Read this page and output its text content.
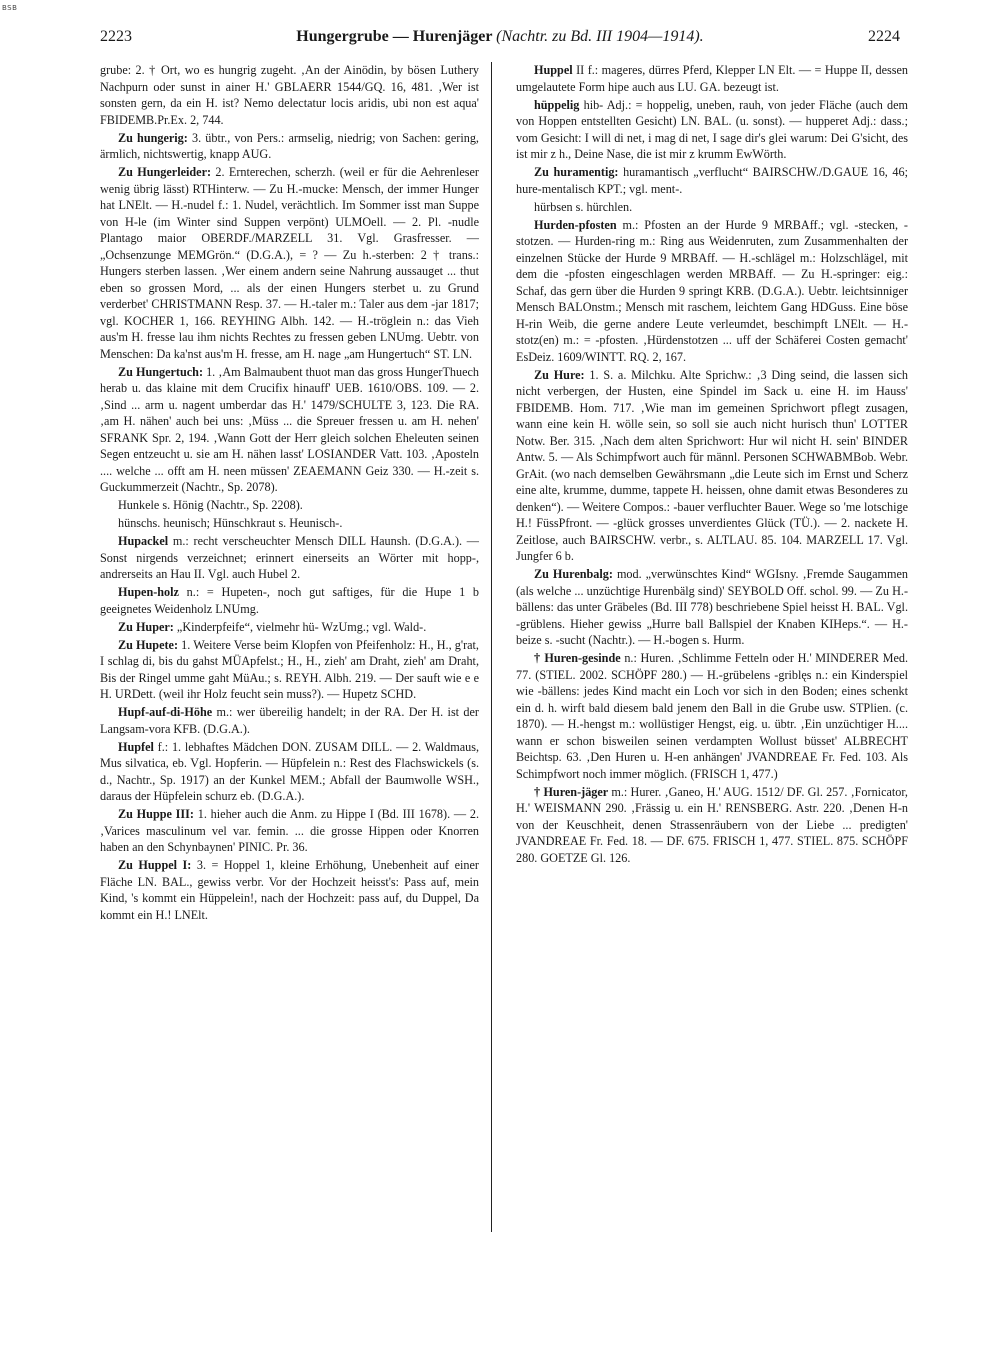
BSB
2223	Hungergrube — Hurenjäger (Nachtr. zu Bd. III 1904—1914).	2224

grube: 2. † Ort, wo es hungrig zugeht. ‚An der Ainödin, by bösen Luthery Nachpurn oder sunst in ainer H.' GBLAERR 1544/GQ. 16, 481. ‚Wer ist sonsten gern, da ein H. ist? Nemo delectatur locis aridis, ubi non est aqua' FBIDEMB.Pr.Ex. 2, 744.

Zu hungerig: 3. übtr., von Pers.: armselig, niedrig; von Sachen: gering, ärmlich, nichtswertig, knapp AUG.

Zu Hungerleider: 2. Ernterechen, scherzh. (weil er für die Aehrenleser wenig übrig lässt) RTHinterw. — Zu H.-mucke: Mensch, der immer Hunger hat LNElt. — H.-nudel f.: 1. Nudel, verächtlich. Im Sommer isst man Suppe von H-le (im Winter sind Suppen verpönt) ULMOell. — 2. Pl. -nudle Plantago maior OBERDF./MARZELL 31. Vgl. Grasfresser. — „Ochsenzunge MEMGrön.“ (D.G.A.), = ? — Zu h.-sterben: 2 † trans.: Hungers sterben lassen. ‚Wer einem andern seine Nahrung aussauget ... thut eben so grossen Mord, ... als der einen Hungers sterbet u. zu Grund verderbet' CHRISTMANN Resp. 37. — H.-taler m.: Taler aus dem -jar 1817; vgl. KOCHER 1, 166. REYHING Albh. 142. — H.-tröglein n.: das Vieh aus'm H. fresse lau ihm nichts Rechtes zu fressen geben LNUmg. Uebtr. von Menschen: Da ka'nst aus'm H. fresse, am H. nage „am Hungertuch“ ST. LN.

Zu Hungertuch: 1. ‚Am Balmaubent thuot man das gross HungerThuech herab u. das klaine mit dem Crucifix hinauff' UEB. 1610/OBS. 109. — 2. ‚Sind ... arm u. nagent umberdar das H.' 1479/SCHULTE 3, 123. Die RA. ‚am H. nähen' auch bei uns: ‚Müss ... die Spreuer fressen u. am H. nehen' SFRANK Spr. 2, 194. ‚Wann Gott der Herr gleich solchen Eheleuten seinen Segen entzeucht u. sie am H. nähen lasst' LOSIANDER Vatt. 103. ‚Aposteln .... welche ... offt am H. neen müssen' ZEAEMANN Geiz 330. — H.-zeit s. Guckummerzeit (Nachtr., Sp. 2078).

Hunkele s. Hönig (Nachtr., Sp. 2208).

hünschs. heunisch; Hünschkraut s. Heunisch-.

Hupackel m.: recht verscheuchter Mensch DILL Haunsh. (D.G.A.). — Sonst nirgends verzeichnet; erinnert einerseits an Wörter mit hopp-, andrerseits an Hau II. Vgl. auch Hubel 2.

Hupen-holz n.: = Hupeten-, noch gut saftiges, für die Hupe 1 b geeignetes Weidenholz LNUmg.

Zu Huper: „Kinderpfeife“, vielmehr hü- WzUmg.; vgl. Wald-.

Zu Hupete: 1. Weitere Verse beim Klopfen von Pfeifenholz: H., H., g'rat, I schlag di, bis du gahst MÜApfelst.; H., H., zieh' am Draht, zieh' am Draht, Bis der Ringel umme gaht MüAu.; s. REYH. Albh. 219. — Der sauft wie e e H. URDett. (weil ihr Holz feucht sein muss?). — Hupetz SCHD.

Hupf-auf-di-Höhe m.: wer übereilig handelt; in der RA. Der H. ist der Langsam-vora KFB. (D.G.A.).

Hupfel f.: 1. lebhaftes Mädchen DON. ZUSAM DILL. — 2. Waldmaus, Mus silvatica, eb. Vgl. Hopferin. — Hüpfelein n.: Rest des Flachswickels (s. d., Nachtr., Sp. 1917) an der Kunkel MEM.; Abfall der Baumwolle WSH., daraus der Hüpfelein schurz eb. (D.G.A.).

Zu Huppe III: 1. hieher auch die Anm. zu Hippe I (Bd. III 1678). — 2. ‚Varices masculinum vel var. femin. ... die grosse Hippen oder Knorren haben an den Schynbaynen' PINIC. Pr. 36.

Zu Huppel I: 3. = Hoppel 1, kleine Erhöhung, Unebenheit auf einer Fläche LN. BAL., gewiss verbr. Vor der Hochzeit heisst's: Pass auf, mein Kind, 's kommt ein Hüppelein!, nach der Hochzeit: pass auf, du Duppel, Da kommt ein H.! LNElt.

Huppel II f.: mageres, dürres Pferd, Klepper LN Elt. — = Huppe II, dessen umgelautete Form hipe auch aus LU. GA. bezeugt ist.

hüppelig hib- Adj.: = hoppelig, uneben, rauh, von jeder Fläche (auch dem von Hoppen entstellten Gesicht) LN. BAL. (u. sonst). — hupperet Adj.: dass.; vom Gesicht: I will di net, i mag di net, I sage dir's glei warum: Dei G'sicht, des ist mir z h., Deine Nase, die ist mir z krumm EwWörth.

Zu huramentig: huramantisch „verflucht“ BAIRSCHW./D.GAUE 16, 46; hure-mentalisch KPT.; vgl. ment-.

hürbsen s. hürchlen.

Hurden-pfosten m.: Pfosten an der Hurde 9 MRBAff.; vgl. -stecken, -stotzen. — Hurden-ring m.: Ring aus Weidenruten, zum Zusammenhalten der einzelnen Stücke der Hurde 9 MRBAff. — H.-schlägel m.: Holzschlägel, mit dem die -pfosten eingeschlagen werden MRBAff. — Zu H.-springer: eig.: Schaf, das gern über die Hurden 9 springt KRB. (D.G.A.). Uebtr. leichtsinniger Mensch BALOnstm.; Mensch mit raschem, leichtem Gang HDGuss. Eine böse H-rin Weib, die gerne andere Leute verleumdet, beschimpft LNElt. — H.-stotz(en) m.: = -pfosten. ‚Hürdenstotzen ... uff der Schäferei Costen gemacht' EsDeiz. 1609/WINTT. RQ. 2, 167.

Zu Hure: 1. S. a. Milchku. Alte Sprichw.: ‚3 Ding seind, die lassen sich nicht verbergen, der Husten, eine Spindel im Sack u. eine H. im Hauss' FBIDEMB. Hom. 717. ‚Wie man im gemeinen Sprichwort pflegt zusagen, wann eine kein H. wölle sein, so soll sie auch nicht hurisch thun' LOTTER Notw. Ber. 315. ‚Nach dem alten Sprichwort: Hur wil nicht H. sein' BINDER Antw. 5. — Als Schimpfwort auch für männl. Personen SCHWABMBob. Webr. GrAit. (wo nach demselben Gewährsmann „die Leute sich im Ernst und Scherz eine alte, krumme, dumme, tappete H. heissen, ohne damit etwas Besonderes zu denken“). — Weitere Compos.: -bauer verfluchter Bauer. Wege so 'me lotschige H.! FüssPfront. — -glück grosses unverdientes Glück (TÜ.). — 2. nackete H. Zeitlose, auch BAIRSCHW. verbr., s. ALTLAU. 85. 104. MARZELL 17. Vgl. Jungfer 6 b.

Zu Hurenbalg: mod. „verwünschtes Kind“ WGIsny. ‚Fremde Saugammen (als welche ... unzüchtige Hurenbälg sind)' SEYBOLD Off. schol. 99. — Zu H.-bällens: das unter Gräbeles (Bd. III 778) beschriebene Spiel heisst H. BAL. Vgl. -grüblens. Hieher gewiss „Hurre ball Ballspiel der Knaben KIHeps.“. — H.-beize s. -sucht (Nachtr.). — H.-bogen s. Hurm.

† Huren-gesinde n.: Huren. ‚Schlimme Fetteln oder H.' MINDERER Med. 77. (STIEL. 2002. SCHÖPF 280.) — H.-grübelens -griblęs n.: ein Kinderspiel wie -bällens: jedes Kind macht ein Loch vor sich in den Boden; eines schenkt ein d. h. wirft bald diesem bald jenem den Ball in die Grube usw. STPlien. (c. 1870). — H.-hengst m.: wollüstiger Hengst, eig. u. übtr. ‚Ein unzüchtiger H.... wann er schon bisweilen seinen verdampten Wollust büsset' ALBRECHT Beichtsp. 63. ‚Den Huren u. H-en anhängen' JVANDREAE Fr. Fed. 103. Als Schimpfwort noch immer möglich. (FRISCH 1, 477.)

† Huren-jäger m.: Hurer. ‚Ganeo, H.' AUG. 1512/ DF. Gl. 257. ‚Fornicator, H.' WEISMANN 290. ‚Frässig u. ein H.' RENSBERG. Astr. 220. ‚Denen H-n von der Keuschheit, denen Strassenräubern von der Liebe ... predigten' JVANDREAE Fr. Fed. 18. — DF. 675. FRISCH 1, 477. STIEL. 875. SCHÖPF 280. GOETZE Gl. 126.
